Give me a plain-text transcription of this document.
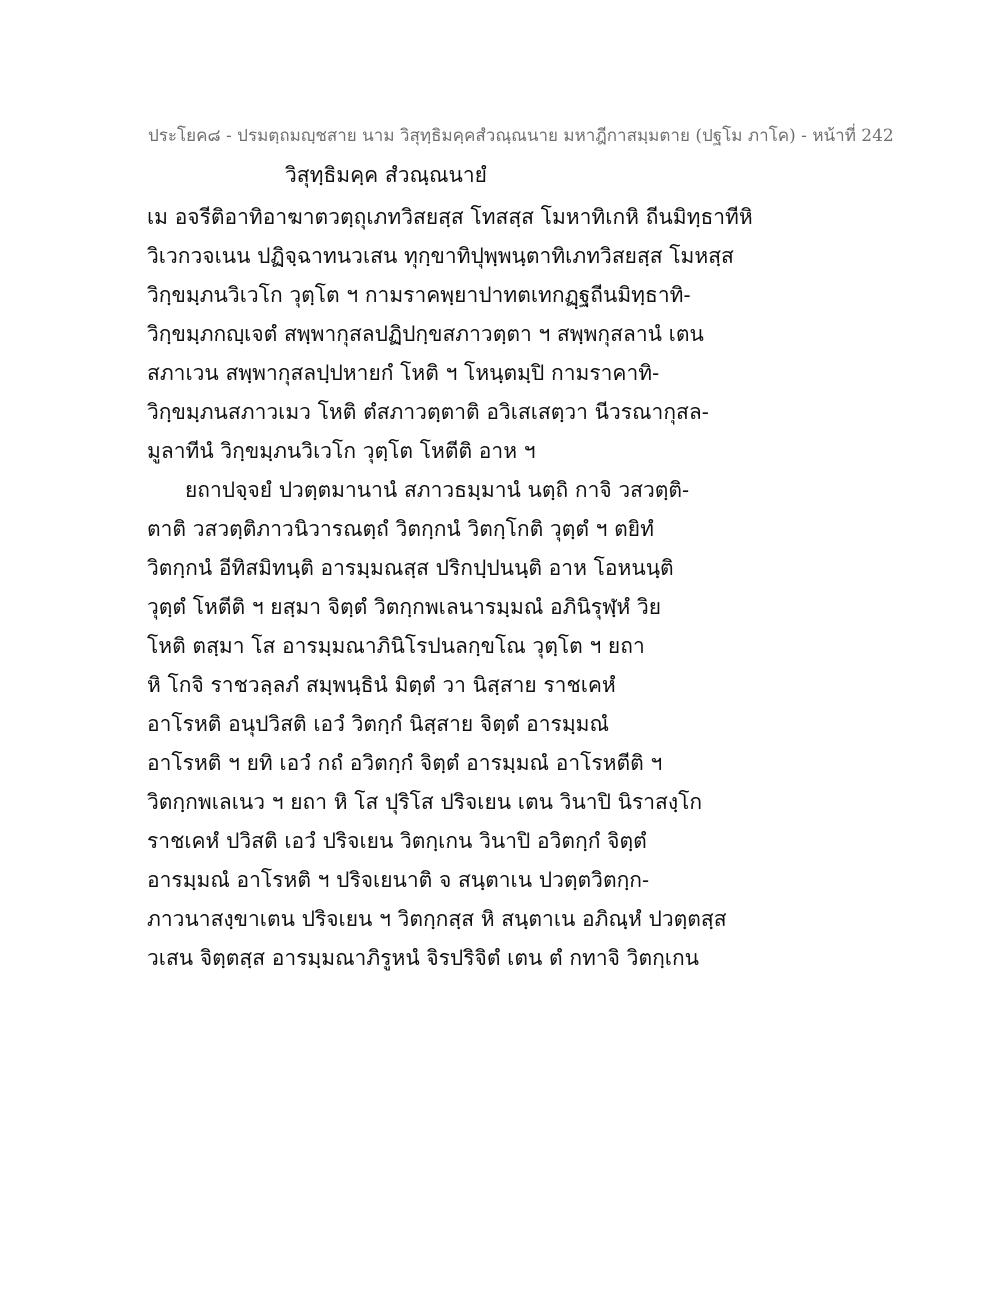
ประโยค๘ - ปรมตฺถมญฺชสาย นาม วิสุทฺธิมคฺคสํวณฺณนาย มหาฎีกาสมฺมตาย (ปฐโม ภาโค) - หน้าที่ 242
วิสุทฺธิมคฺค สํวณฺณนายํ
เม อจรีติอาทิอาฆาตวตฺถุเภทวิสยสฺส โทสสฺส โมหาทิเกหิ ถีนมิทฺธาทีหิ
วิเวกวจเนน ปฏิจฺฉาทนวเสน ทุกฺขาทิปุพฺพนฺตาทิเภทวิสยสฺส โมหสฺส
วิกฺขมฺภนวิเวโก วุตฺโต ฯ กามราคพฺยาปาทตเทกฏฺฐถีนมิทฺธาทิ-
วิกฺขมฺภกญฺเจตํ สพฺพากุสลปฏิปกฺขสภาวตฺตา ฯ สพฺพกุสลานํ เตน
สภาเวน สพฺพากุสลปฺปหายกํ โหติ ฯ โหนฺตมฺปิ กามราคาทิ-
วิกฺขมฺภนสภาวเมว โหติ ตํสภาวตฺตาติ อวิเสเสตฺวา นีวรณากุสล-
มูลาทีนํ วิกฺขมฺภนวิเวโก วุตฺโต โหตีติ อาห ฯ
ยถาปจฺจยํ ปวตฺตมานานํ สภาวธมฺมานํ นตฺถิ กาจิ วสวตฺติ-
ตาติ วสวตฺติภาวนิวารณตฺถํ วิตกฺกนํ วิตกฺโกติ วุตฺตํ ฯ ตยิทํ
วิตกฺกนํ อีทิสมิทนฺติ อารมฺมณสฺส ปริกปฺปนนฺติ อาห โอหนนฺติ
วุตฺตํ โหตีติ ฯ ยสฺมา จิตฺตํ วิตกฺกพเลนารมฺมณํ อภินิรุฬฺหํ วิย
โหติ ตสฺมา โส อารมฺมณาภินิโรปนลกฺขโณ วุตฺโต ฯ ยถา
หิ โกจิ ราชวลฺลภํ สมฺพนฺธินํ มิตฺตํ วา นิสฺสาย ราชเคหํ
อาโรหติ อนุปวิสติ เอวํ วิตกฺกํ นิสฺสาย จิตฺตํ อารมฺมณํ
อาโรหติ ฯ ยทิ เอวํ กถํ อวิตกฺกํ จิตฺตํ อารมฺมณํ อาโรหตีติ ฯ
วิตกฺกพเลเนว ฯ ยถา หิ โส ปุริโส ปริจเยน เตน วินาปิ นิราสงฺโก
ราชเคหํ ปวิสติ เอวํ ปริจเยน วิตกฺเกน วินาปิ อวิตกฺกํ จิตฺตํ
อารมฺมณํ อาโรหติ ฯ ปริจเยนาติ จ สนฺตาเน ปวตฺตวิตกฺก-
ภาวนาสงฺขาเตน ปริจเยน ฯ วิตกฺกสฺส หิ สนฺตาเน อภิณฺหํ ปวตฺตสฺส
วเสน จิตฺตสฺส อารมฺมณาภิรูหนํ จิรปริจิตํ เตน ตํ กทาจิ วิตกฺเกน
